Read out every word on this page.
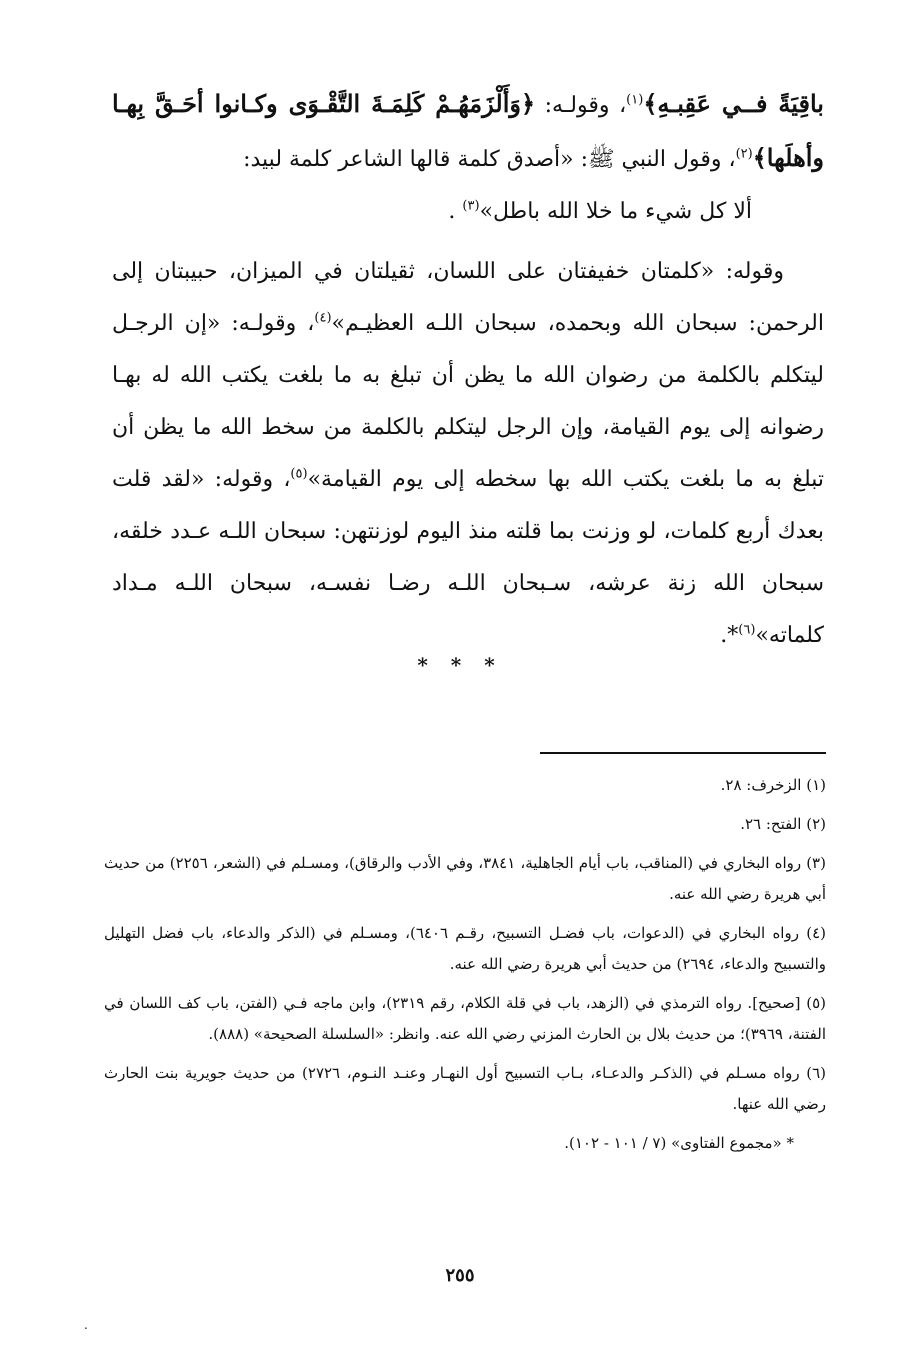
باقِيَةً فــي عَقِبـهِ﴾$^{(١)}$، وقولـه: ﴿وَأَلْزَمَهُـمْ كَلِمَـةَ التَّقْـوَى وكـانوا أحَـقَّ بِهـا وأهلَها﴾$^{(٢)}$، وقول النبي ﷺ: «أصدق كلمة قالها الشاعر كلمة لبيد:

ألا كل شيء ما خلا الله باطل»$^{(٣)}$ .

وقوله: «كلمتان خفيفتان على اللسان، ثقيلتان في الميزان، حبيبتان إلى الرحمن: سبحان الله وبحمده، سبحان اللـه العظيـم»$^{(٤)}$، وقولـه: «إن الرجـل ليتكلم بالكلمة من رضوان الله ما يظن أن تبلغ به ما بلغت يكتب الله له بهـا رضوانه إلى يوم القيامة، وإن الرجل ليتكلم بالكلمة من سخط الله ما يظن أن تبلغ به ما بلغت يكتب الله بها سخطه إلى يوم القيامة»$^{(٥)}$، وقوله: «لقد قلت بعدك أربع كلمات، لو وزنت بما قلته منذ اليوم لوزنتهن: سبحان اللـه عـدد خلقه، سبحان الله زنة عرشه، سـبحان اللـه رضـا نفسـه، سبحان اللـه مـداد كلماته»$^{(٦)}$*.

* * *

(١) الزخرف: ٢٨.

(٢) الفتح: ٢٦.

(٣) رواه البخاري في (المناقب، باب أيام الجاهلية، ٣٨٤١، وفي الأدب والرقاق)، ومسـلم في (الشعر، ٢٢٥٦) من حديث أبي هريرة رضي الله عنه.

(٤) رواه البخاري في (الدعوات، باب فضـل التسبيح، رقـم ٦٤٠٦)، ومسـلم في (الذكر والدعاء، باب فضل التهليل والتسبيح والدعاء، ٢٦٩٤) من حديث أبي هريرة رضي الله عنه.

(٥) [صحيح]. رواه الترمذي في (الزهد، باب في قلة الكلام، رقم ٢٣١٩)، وابن ماجه فـي (الفتن، باب كف اللسان في الفتنة، ٣٩٦٩)؛ من حديث بلال بن الحارث المزني رضي الله عنه. وانظر: «السلسلة الصحيحة» (٨٨٨).

(٦) رواه مسـلم في (الذكـر والدعـاء، بـاب التسبيح أول النهـار وعنـد النـوم، ٢٧٢٦) من حديث جويرية بنت الحارث رضي الله عنها.

* «مجموع الفتاوى» (٧ / ١٠١ - ١٠٢).

٢٥٥
.
